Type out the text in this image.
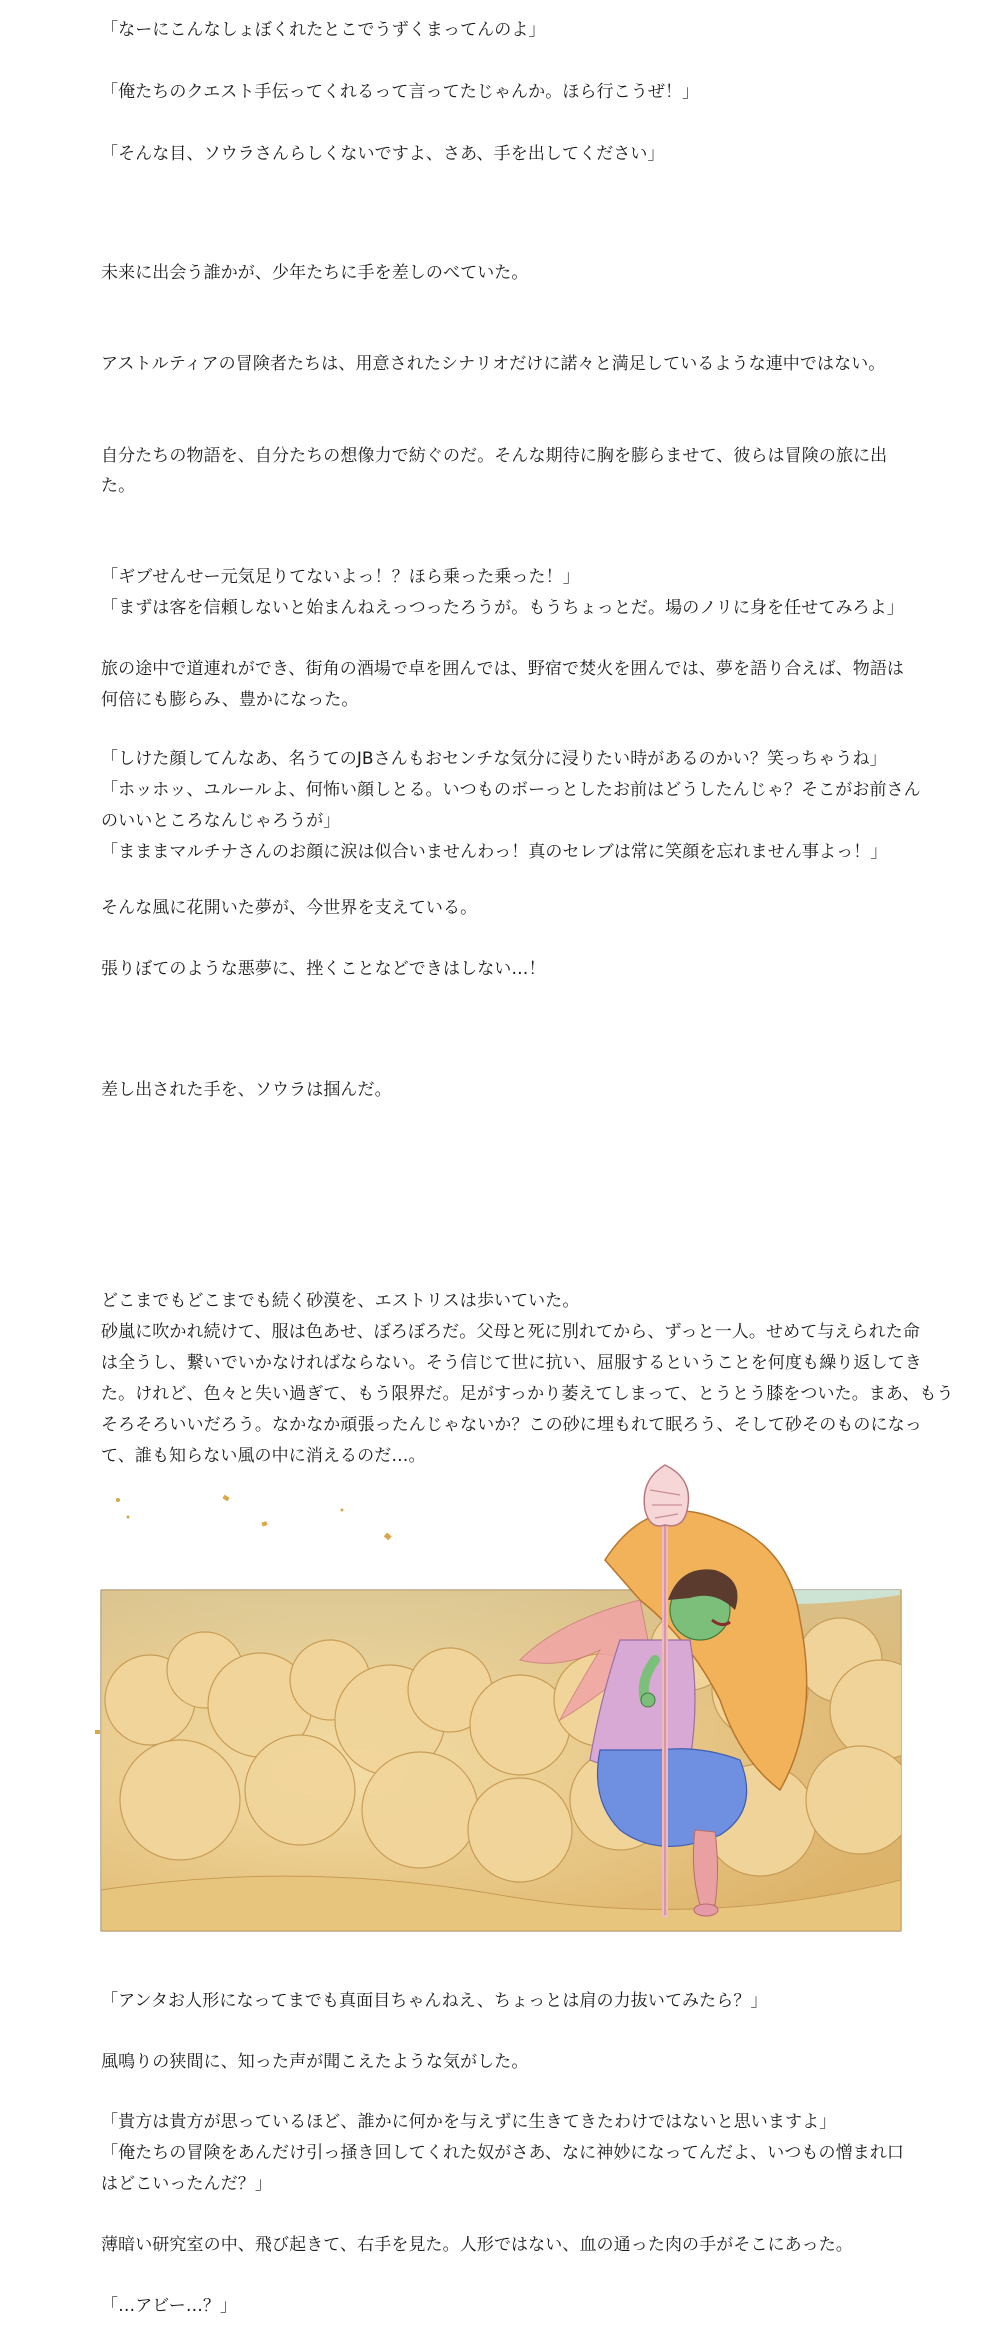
「なーにこんなしょぼくれたとこでうずくまってんのよ」
「俺たちのクエスト手伝ってくれるって言ってたじゃんか。ほら行こうぜ！」
「そんな目、ソウラさんらしくないですよ、さあ、手を出してください」
未来に出会う誰かが、少年たちに手を差しのべていた。
アストルティアの冒険者たちは、用意されたシナリオだけに諾々と満足しているような連中ではない。
自分たちの物語を、自分たちの想像力で紡ぐのだ。そんな期待に胸を膨らませて、彼らは冒険の旅に出
た。
「ギブせんせー元気足りてないよっ！？ほら乗った乗った！」
「まずは客を信頼しないと始まんねえっつったろうが。もうちょっとだ。場のノリに身を任せてみろよ」
旅の途中で道連れができ、街角の酒場で卓を囲んでは、野宿で焚火を囲んでは、夢を語り合えば、物語は
何倍にも膨らみ、豊かになった。
「しけた顔してんなあ、名うてのJBさんもおセンチな気分に浸りたい時があるのかい？笑っちゃうね」
「ホッホッ、ユルールよ、何怖い顔しとる。いつものボーっとしたお前はどうしたんじゃ？そこがお前さん
のいいところなんじゃろうが」
「まままマルチナさんのお顔に涙は似合いませんわっ！真のセレブは常に笑顔を忘れません事よっ！」
そんな風に花開いた夢が、今世界を支えている。
張りぼてのような悪夢に、挫くことなどできはしない…！
差し出された手を、ソウラは掴んだ。
どこまでもどこまでも続く砂漠を、エストリスは歩いていた。
砂嵐に吹かれ続けて、服は色あせ、ぼろぼろだ。父母と死に別れてから、ずっと一人。せめて与えられた命
は全うし、繋いでいかなければならない。そう信じて世に抗い、屈服するということを何度も繰り返してき
た。けれど、色々と失い過ぎて、もう限界だ。足がすっかり萎えてしまって、とうとう膝をついた。まあ、もう
そろそろいいだろう。なかなか頑張ったんじゃないか？この砂に埋もれて眠ろう、そして砂そのものになっ
て、誰も知らない風の中に消えるのだ…。
「アンタお人形になってまでも真面目ちゃんねえ、ちょっとは肩の力抜いてみたら？」
風鳴りの狭間に、知った声が聞こえたような気がした。
「貴方は貴方が思っているほど、誰かに何かを与えずに生きてきたわけではないと思いますよ」
「俺たちの冒険をあんだけ引っ掻き回してくれた奴がさあ、なに神妙になってんだよ、いつもの憎まれ口
はどこいったんだ？」
薄暗い研究室の中、飛び起きて、右手を見た。人形ではない、血の通った肉の手がそこにあった。
「…アビー…？」
